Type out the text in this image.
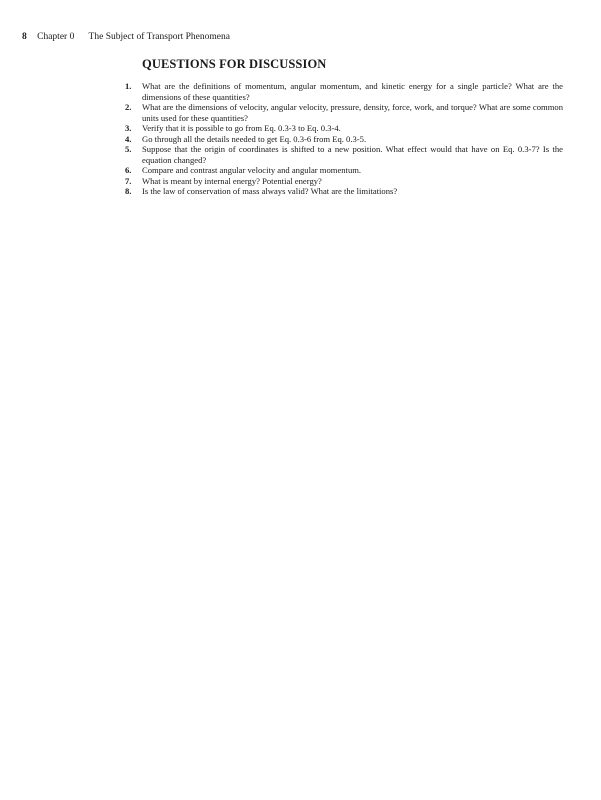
8 Chapter 0 The Subject of Transport Phenomena
QUESTIONS FOR DISCUSSION
1. What are the definitions of momentum, angular momentum, and kinetic energy for a single particle? What are the dimensions of these quantities?
2. What are the dimensions of velocity, angular velocity, pressure, density, force, work, and torque? What are some common units used for these quantities?
3. Verify that it is possible to go from Eq. 0.3-3 to Eq. 0.3-4.
4. Go through all the details needed to get Eq. 0.3-6 from Eq. 0.3-5.
5. Suppose that the origin of coordinates is shifted to a new position. What effect would that have on Eq. 0.3-7? Is the equation changed?
6. Compare and contrast angular velocity and angular momentum.
7. What is meant by internal energy? Potential energy?
8. Is the law of conservation of mass always valid? What are the limitations?
